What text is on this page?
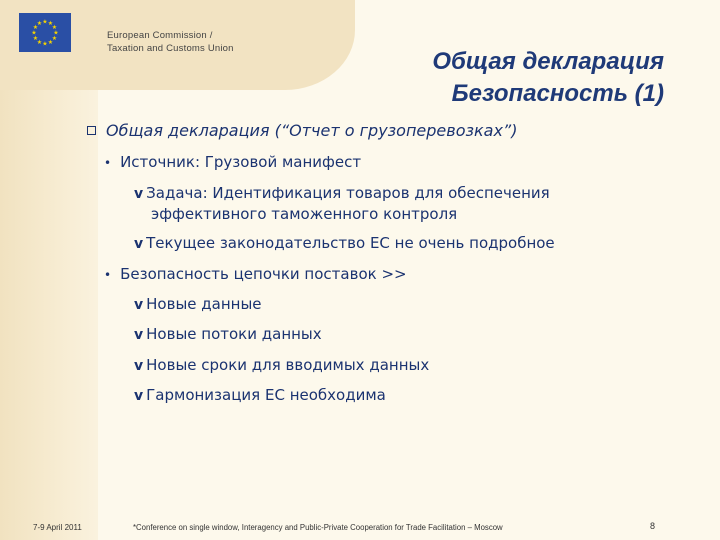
★ ★
★
★
★
★
★
★
★
★
★
★
European Commission /
Taxation and Customs Union	Общая декларация
Безопасность (1)
Общая декларация (“Отчет о грузоперевозках”)
• Источник: Грузовой манифест
v Задача: Идентификация товаров для обеспечения
эффективного таможенного контроля
v Текущее законодательство ЕС не очень подробное
• Безопасность цепочки поставок >>
v Новые данные
v Новые потоки данных
v Новые сроки для вводимых данных
v Гармонизация ЕС необходима
7-9 April 2011	*Conference on single window, Interagency and Public-Private Cooperation for Trade Facilitation – Moscow	8
